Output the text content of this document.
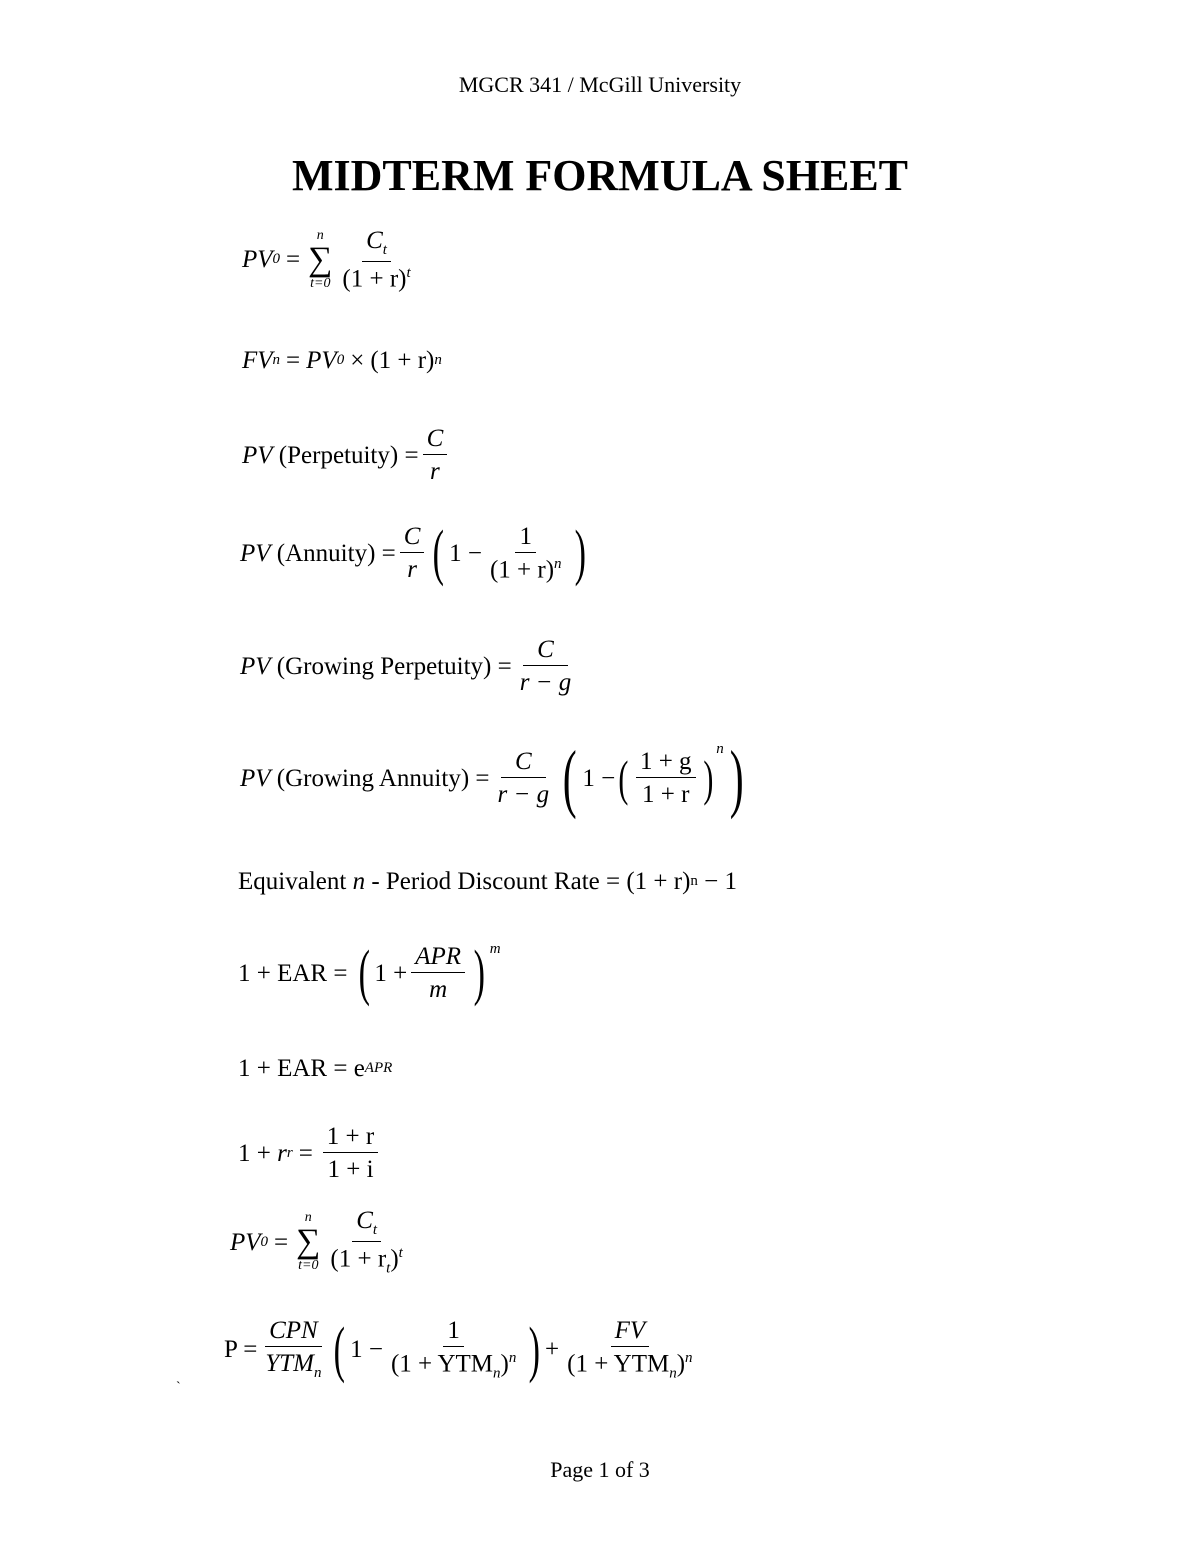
MGCR 341 / McGill University
MIDTERM FORMULA SHEET
PV 0 =
n
∑
$t=0 \frac{C_t}{(1 + r)^t}$
FV n = PV 0 × (1 + r) n
PV
(Perpetuity) = $\frac{C}{r}$
PV
(Annuity) = $\frac{C}{r}$ ( $1 - \frac{1}{(1 + r)^n}$ )
PV
(Growing Perpetuity) = $\frac{C}{r - g}$
PV
(Growing Annuity) = $\frac{C}{r - g}$ ( 1 − ( $\frac{1 + g}{1 + r}$ )
n )
Equivalent
n
- Period Discount Rate = (1 + r) n
− 1
1 + EAR =
( $1 + \frac{\text{APR}}{m}$ ) m
1 + EAR = e APR
1 +
r $r = \frac{1 + r}{1 + i}$
PV 0 =
n
∑
$t=0 \frac{C_t}{(1 + r_t)^t}$
$P = \frac{\text{CPN}}{YTM_n}$ ( $1 - \frac{1}{(1 + YTM_n)^n}$ ) + $\frac{FV}{(1 + YTM_n)^n}$
`
Page 1 of 3
